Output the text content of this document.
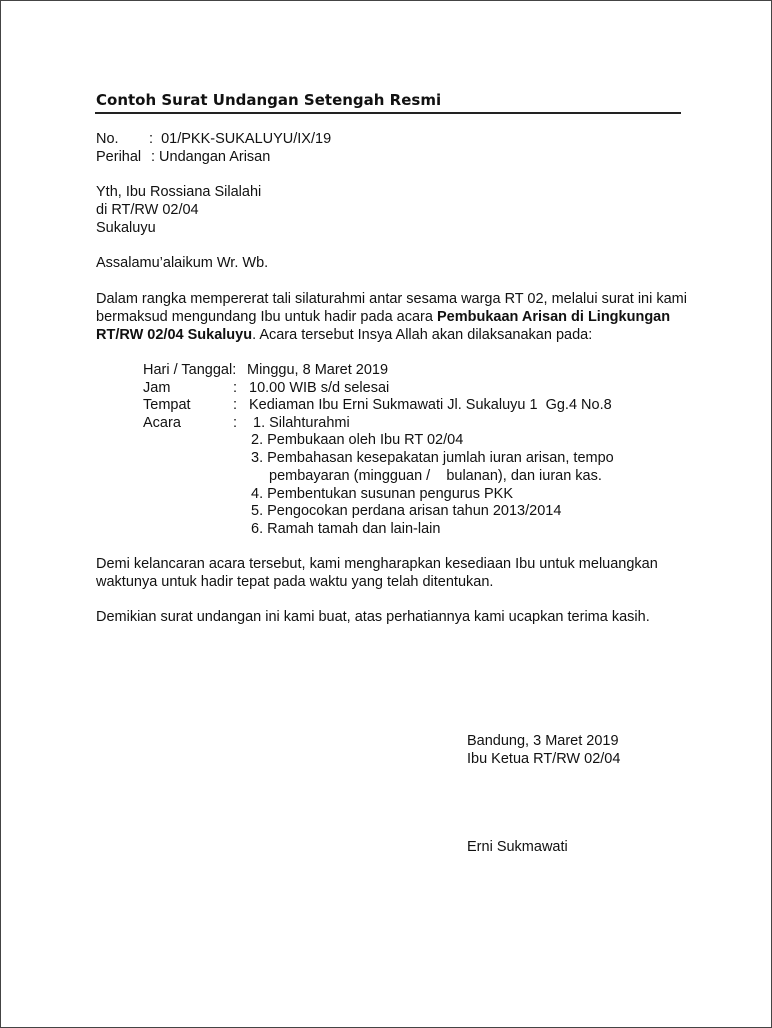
Contoh Surat Undangan Setengah Resmi
No. :  01/PKK-SUKALUYU/IX/19
Perihal : Undangan Arisan
Yth, Ibu Rossiana Silalahi
di RT/RW 02/04
Sukaluyu
Assalamu’alaikum Wr. Wb.
Dalam rangka mempererat tali silaturahmi antar sesama warga RT 02, melalui surat ini kami
bermaksud mengundang Ibu untuk hadir pada acara Pembukaan Arisan di Lingkungan
RT/RW 02/04 Sukaluyu. Acara tersebut Insya Allah akan dilaksanakan pada:
Hari / Tanggal: Minggu, 8 Maret 2019
Jam	: 10.00 WIB s/d selesai
Tempat	: Kediaman Ibu Erni Sukmawati Jl. Sukaluyu 1  Gg.4 No.8
Acara	: 1. Silahturahmi
2. Pembukaan oleh Ibu RT 02/04
3. Pembahasan kesepakatan jumlah iuran arisan, tempo
pembayaran (mingguan /    bulanan), dan iuran kas.
4. Pembentukan susunan pengurus PKK
5. Pengocokan perdana arisan tahun 2013/2014
6. Ramah tamah dan lain-lain
Demi kelancaran acara tersebut, kami mengharapkan kesediaan Ibu untuk meluangkan
waktunya untuk hadir tepat pada waktu yang telah ditentukan.
Demikian surat undangan ini kami buat, atas perhatiannya kami ucapkan terima kasih.
Bandung, 3 Maret 2019
Ibu Ketua RT/RW 02/04
Erni Sukmawati
